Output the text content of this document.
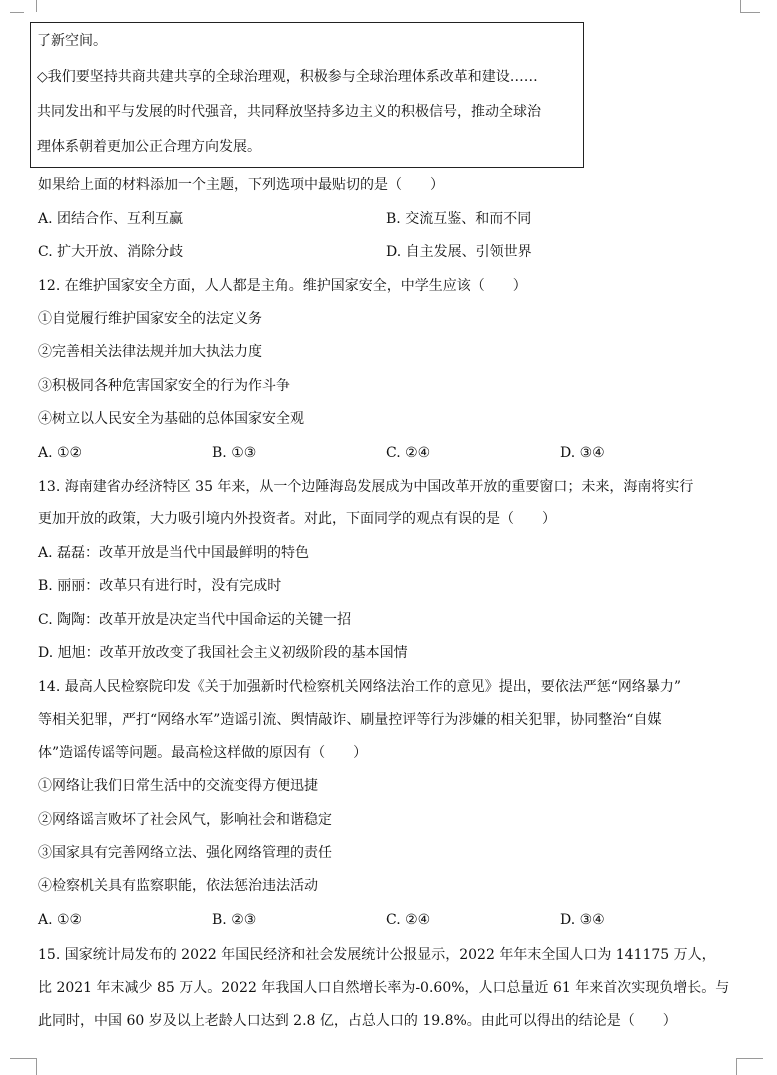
了新空间。
◇我们要坚持共商共建共享的全球治理观，积极参与全球治理体系改革和建设……
共同发出和平与发展的时代强音，共同释放坚持多边主义的积极信号，推动全球治
理体系朝着更加公正合理方向发展。
如果给上面的材料添加一个主题，下列选项中最贴切的是（　　）
A. 团结合作、互利互赢	B. 交流互鉴、和而不同
C. 扩大开放、消除分歧	D. 自主发展、引领世界
12. 在维护国家安全方面，人人都是主角。维护国家安全，中学生应该（　　）
①自觉履行维护国家安全的法定义务
②完善相关法律法规并加大执法力度
③积极同各种危害国家安全的行为作斗争
④树立以人民安全为基础的总体国家安全观
A. ①②	B. ①③	C. ②④	D. ③④
13. 海南建省办经济特区 35 年来，从一个边陲海岛发展成为中国改革开放的重要窗口；未来，海南将实行
更加开放的政策，大力吸引境内外投资者。对此，下面同学的观点有误的是（　　）
A. 磊磊：改革开放是当代中国最鲜明的特色
B. 丽丽：改革只有进行时，没有完成时
C. 陶陶：改革开放是决定当代中国命运的关键一招
D. 旭旭：改革开放改变了我国社会主义初级阶段的基本国情
14. 最高人民检察院印发《关于加强新时代检察机关网络法治工作的意见》提出，要依法严惩“网络暴力”
等相关犯罪，严打“网络水军”造谣引流、舆情敲诈、刷量控评等行为涉嫌的相关犯罪，协同整治“自媒
体”造谣传谣等问题。最高检这样做的原因有（　　）
①网络让我们日常生活中的交流变得方便迅捷
②网络谣言败坏了社会风气，影响社会和谐稳定
③国家具有完善网络立法、强化网络管理的责任
④检察机关具有监察职能，依法惩治违法活动
A. ①②	B. ②③	C. ②④	D. ③④
15. 国家统计局发布的 2022 年国民经济和社会发展统计公报显示，2022 年年末全国人口为 141175 万人，
比 2021 年末减少 85 万人。2022 年我国人口自然增长率为-0.60%，人口总量近 61 年来首次实现负增长。与
此同时，中国 60 岁及以上老龄人口达到 2.8 亿，占总人口的 19.8%。由此可以得出的结论是（　　）
